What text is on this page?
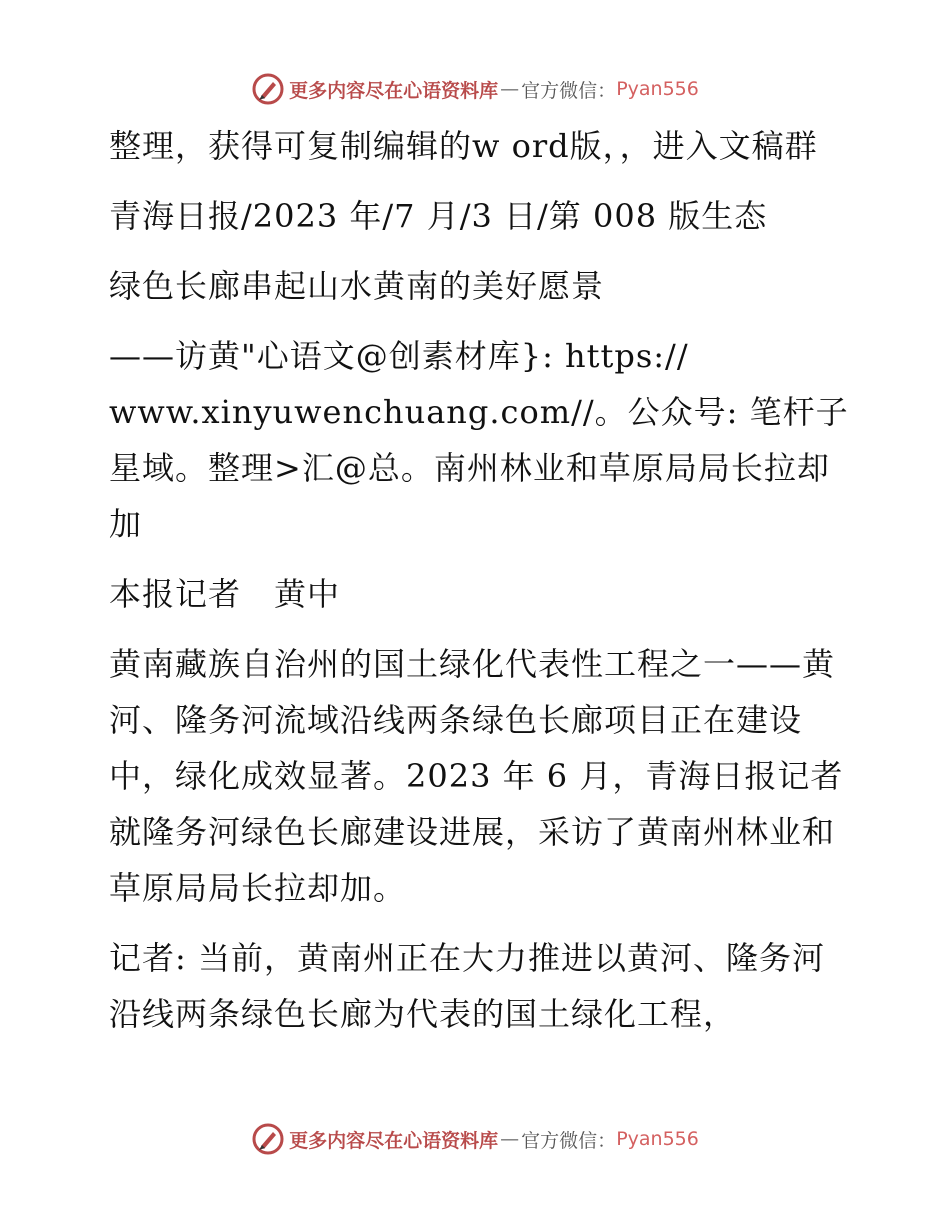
更多内容尽在心语资料库 — 官方微信： Pyan556

整理，获得可复制编辑的w ord版，，进入文稿群

青海日报/2023 年/7 月/3 日/第 008 版生态

绿色长廊串起山水黄南的美好愿景

——访黄"心语文@创素材库}: https:// www.xinyuwenchuang.com//。公众号: 笔杆子星域。整理>汇@总。南州林业和草原局局长拉却加

本报记者　黄中

黄南藏族自治州的国土绿化代表性工程之一——黄河、隆务河流域沿线两条绿色长廊项目正在建设中，绿化成效显著。2023 年 6 月，青海日报记者就隆务河绿色长廊建设进展，采访了黄南州林业和草原局局长拉却加。

记者: 当前，黄南州正在大力推进以黄河、隆务河沿线两条绿色长廊为代表的国土绿化工程，

更多内容尽在心语资料库 — 官方微信： Pyan556
